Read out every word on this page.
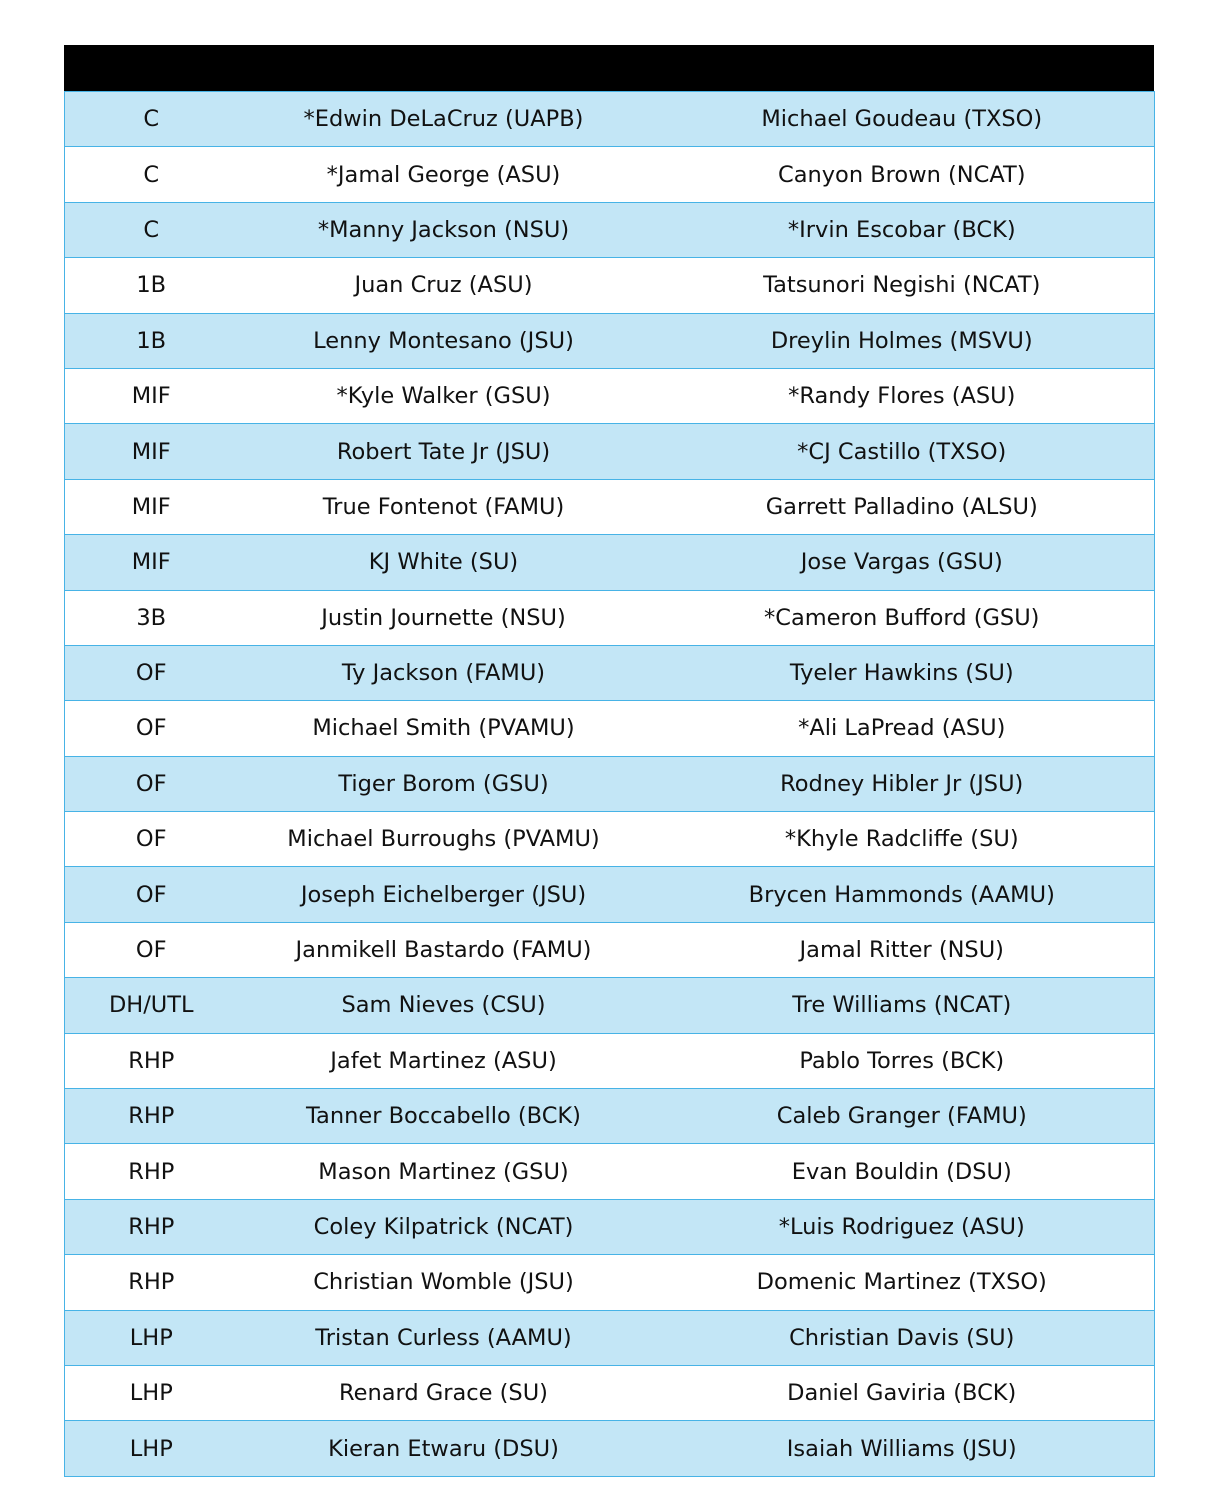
C	*Edwin DeLaCruz (UAPB)	Michael Goudeau (TXSO)
C	*Jamal George (ASU)	Canyon Brown (NCAT)
C	*Manny Jackson (NSU)	*Irvin Escobar (BCK)
1B	Juan Cruz (ASU)	Tatsunori Negishi (NCAT)
1B	Lenny Montesano (JSU)	Dreylin Holmes (MSVU)
MIF	*Kyle Walker (GSU)	*Randy Flores (ASU)
MIF	Robert Tate Jr (JSU)	*CJ Castillo (TXSO)
MIF	True Fontenot (FAMU)	Garrett Palladino (ALSU)
MIF	KJ White (SU)	Jose Vargas (GSU)
3B	Justin Journette (NSU)	*Cameron Bufford (GSU)
OF	Ty Jackson (FAMU)	Tyeler Hawkins (SU)
OF	Michael Smith (PVAMU)	*Ali LaPread (ASU)
OF	Tiger Borom (GSU)	Rodney Hibler Jr (JSU)
OF	Michael Burroughs (PVAMU)	*Khyle Radcliffe (SU)
OF	Joseph Eichelberger (JSU)	Brycen Hammonds (AAMU)
OF	Janmikell Bastardo (FAMU)	Jamal Ritter (NSU)
DH/UTL	Sam Nieves (CSU)	Tre Williams (NCAT)
RHP	Jafet Martinez (ASU)	Pablo Torres (BCK)
RHP	Tanner Boccabello (BCK)	Caleb Granger (FAMU)
RHP	Mason Martinez (GSU)	Evan Bouldin (DSU)
RHP	Coley Kilpatrick (NCAT)	*Luis Rodriguez (ASU)
RHP	Christian Womble (JSU)	Domenic Martinez (TXSO)
LHP	Tristan Curless (AAMU)	Christian Davis (SU)
LHP	Renard Grace (SU)	Daniel Gaviria (BCK)
LHP	Kieran Etwaru (DSU)	Isaiah Williams (JSU)
